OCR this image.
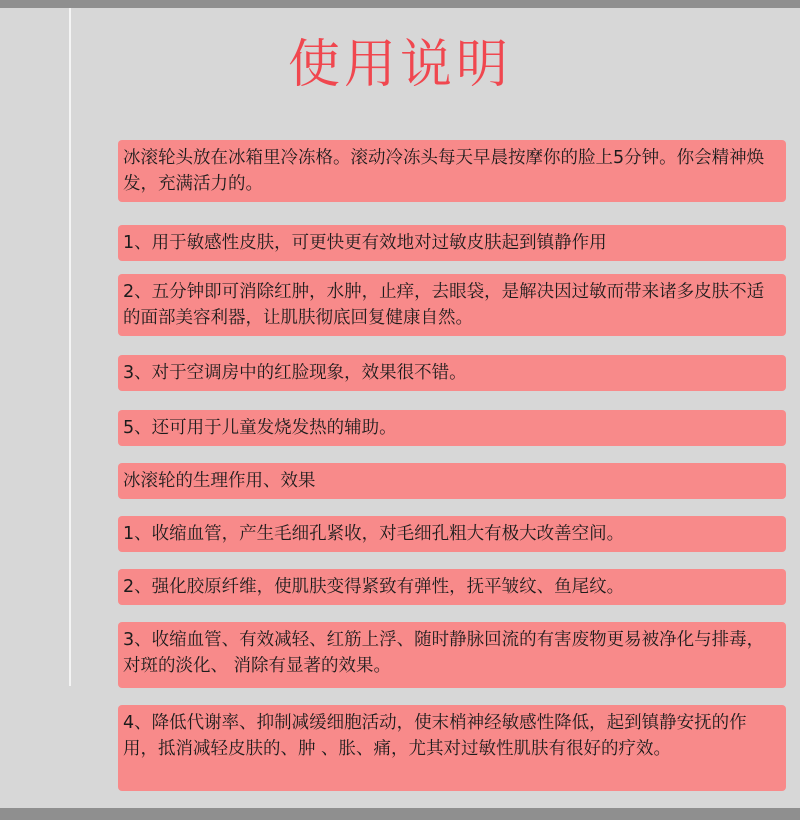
使用说明
冰滚轮头放在冰箱里冷冻格。滚动冷冻头每天早晨按摩你的脸上5分钟。你会精神焕发，充满活力的。
1、用于敏感性皮肤，可更快更有效地对过敏皮肤起到镇静作用
2、五分钟即可消除红肿，水肿，止痒，去眼袋，是解决因过敏而带来诸多皮肤不适的面部美容利器，让肌肤彻底回复健康自然。
3、对于空调房中的红脸现象，效果很不错。
5、还可用于儿童发烧发热的辅助。
冰滚轮的生理作用、效果
1、收缩血管，产生毛细孔紧收，对毛细孔粗大有极大改善空间。
2、强化胶原纤维，使肌肤变得紧致有弹性，抚平皱纹、鱼尾纹。
3、收缩血管、有效减轻、红筋上浮、随时静脉回流的有害废物更易被净化与排毒，对斑的淡化、 消除有显著的效果。
4、降低代谢率、抑制减缓细胞活动，使末梢神经敏感性降低，起到镇静安抚的作用，抵消减轻皮肤的、肿 、胀、痛，尤其对过敏性肌肤有很好的疗效。
